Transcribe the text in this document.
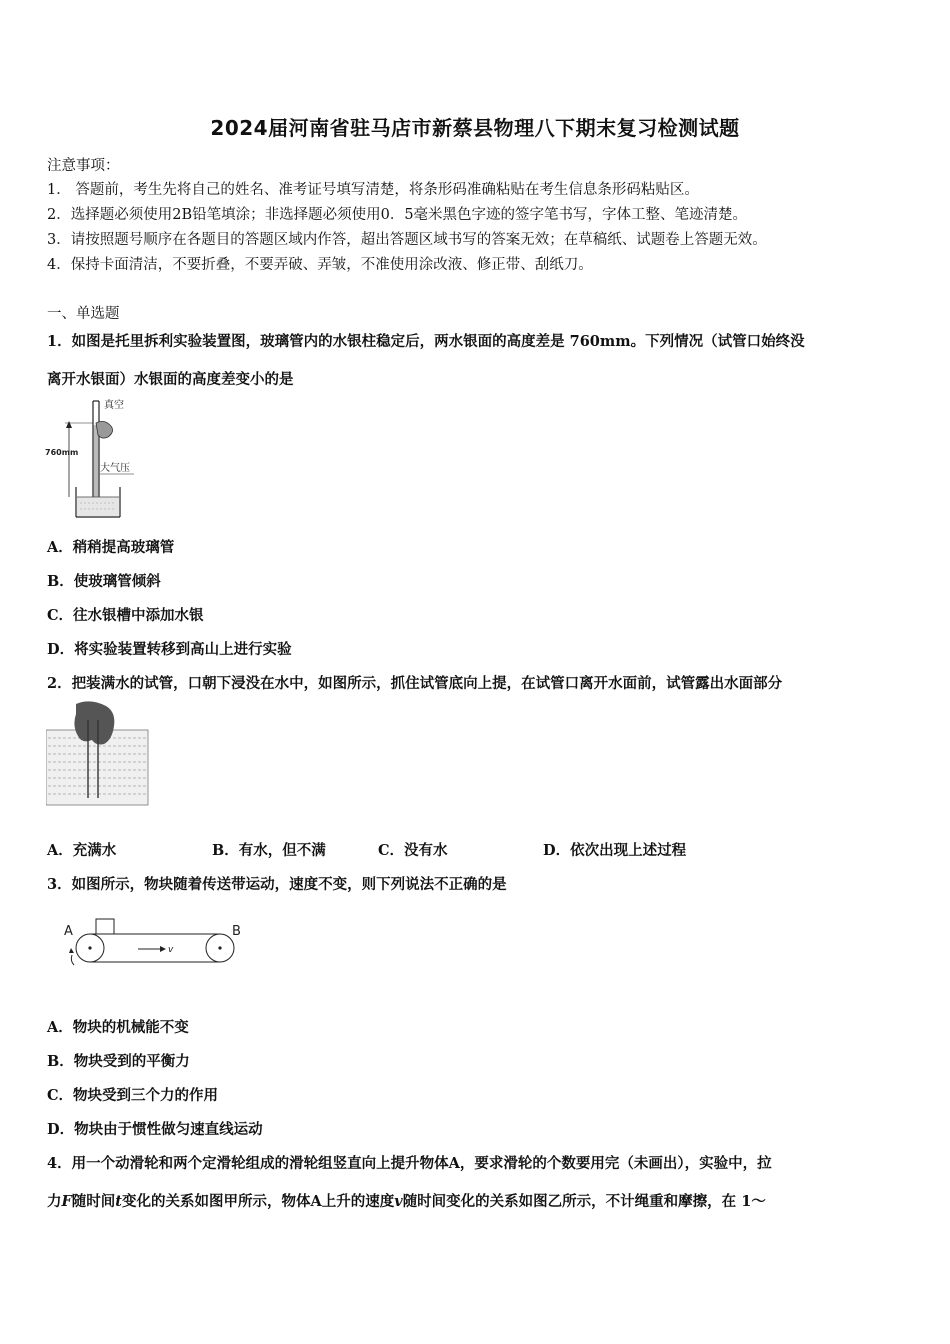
2024届河南省驻马店市新蔡县物理八下期末复习检测试题
注意事项：
1． 答题前，考生先将自己的姓名、准考证号填写清楚，将条形码准确粘贴在考生信息条形码粘贴区。
2．选择题必须使用2B铅笔填涂；非选择题必须使用0．5毫米黑色字迹的签字笔书写，字体工整、笔迹清楚。
3．请按照题号顺序在各题目的答题区域内作答，超出答题区域书写的答案无效；在草稿纸、试题卷上答题无效。
4．保持卡面清洁，不要折叠，不要弄破、弄皱，不准使用涂改液、修正带、刮纸刀。
一、单选题
1．如图是托里拆利实验装置图，玻璃管内的水银柱稳定后，两水银面的高度差是 760mm。下列情况（试管口始终没
离开水银面）水银面的高度差变小的是
真空
760mm
大气压
A．稍稍提高玻璃管
B．使玻璃管倾斜
C．往水银槽中添加水银
D．将实验装置转移到高山上进行实验
2．把装满水的试管，口朝下浸没在水中，如图所示，抓住试管底向上提，在试管口离开水面前，试管露出水面部分
A．充满水	B．有水，但不满	C．没有水	D．依次出现上述过程
3．如图所示，物块随着传送带运动，速度不变，则下列说法不正确的是
A	B
v
A．物块的机械能不变
B．物块受到的平衡力
C．物块受到三个力的作用
D．物块由于惯性做匀速直线运动
4．用一个动滑轮和两个定滑轮组成的滑轮组竖直向上提升物体A，要求滑轮的个数要用完（未画出），实验中，拉
力F随时间t变化的关系如图甲所示，物体A上升的速度v随时间变化的关系如图乙所示，不计绳重和摩擦，在 1～
